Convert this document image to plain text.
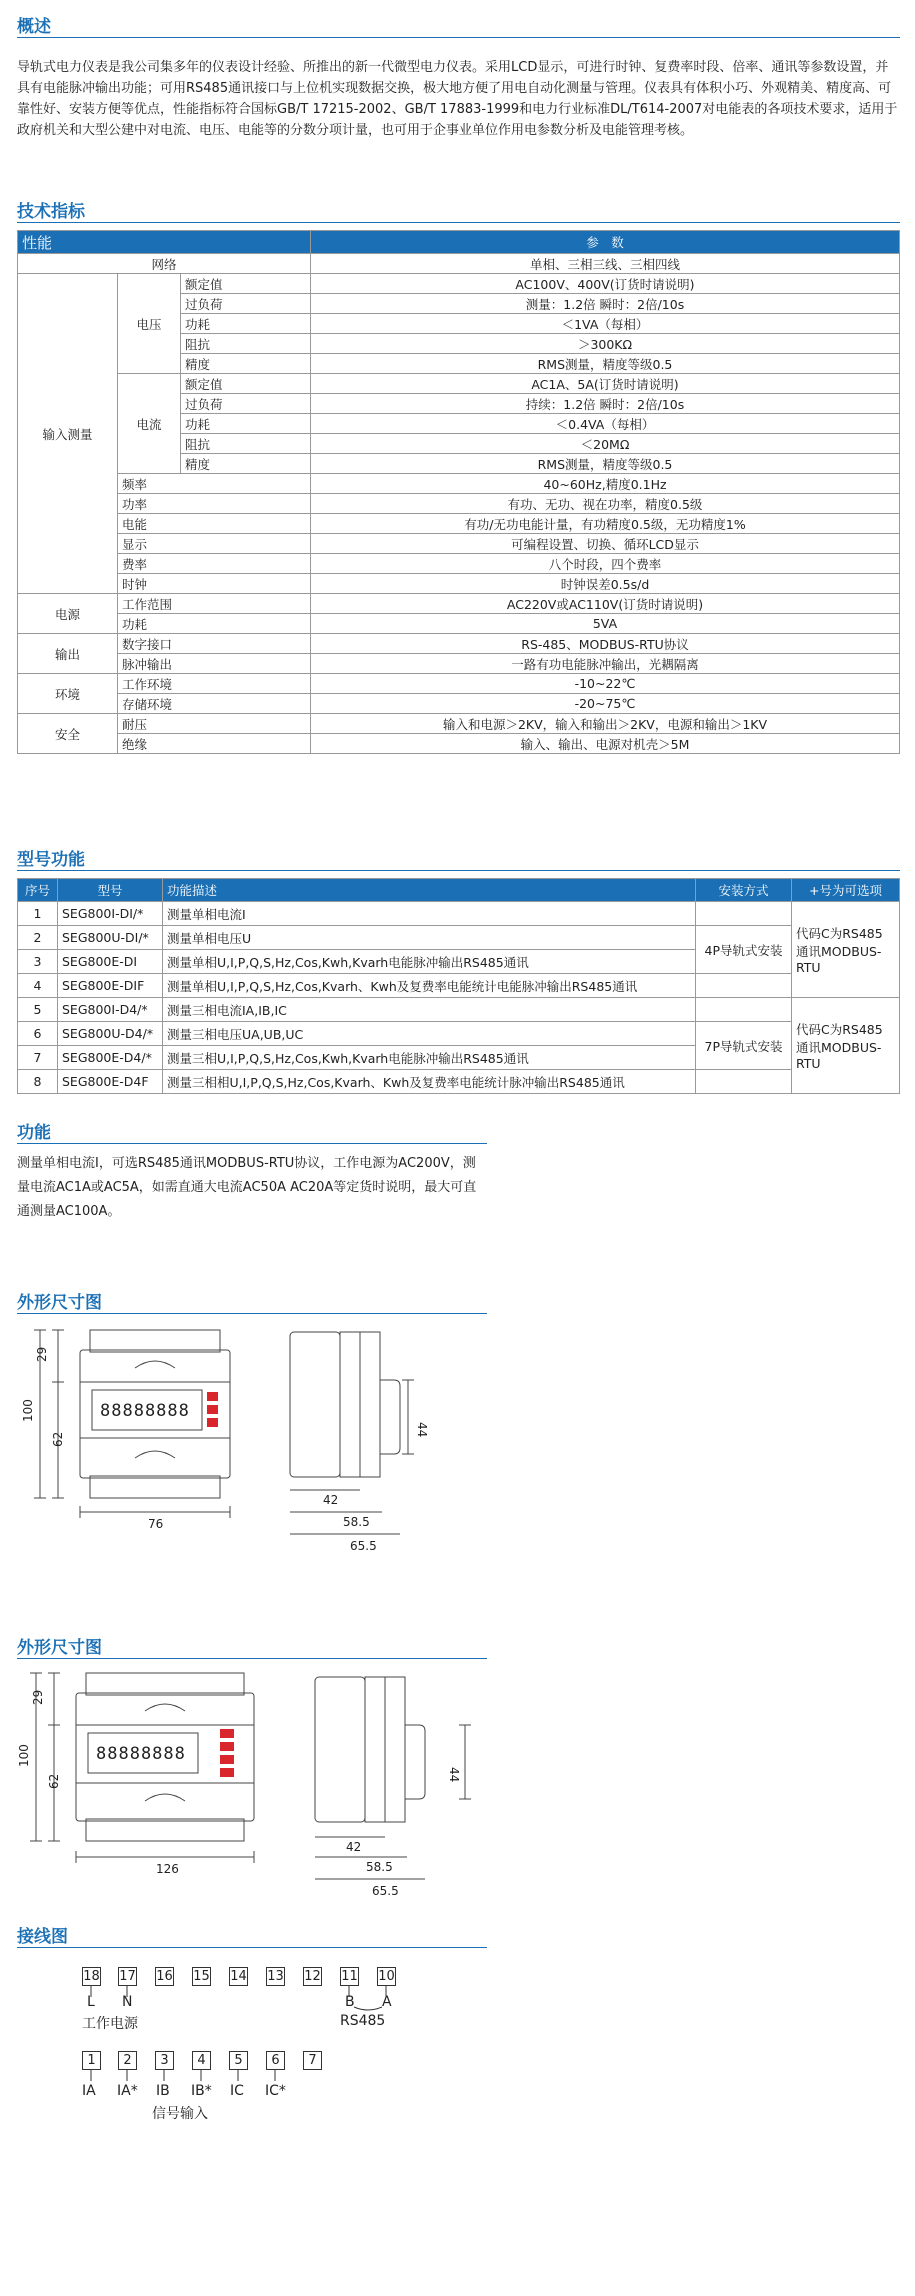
概述
导轨式电力仪表是我公司集多年的仪表设计经验、所推出的新一代微型电力仪表。采用LCD显示，可进行时钟、复费率时段、倍率、通讯等参数设置，并具有电能脉冲输出功能；可用RS485通讯接口与上位机实现数据交换，极大地方便了用电自动化测量与管理。仪表具有体积小巧、外观精美、精度高、可靠性好、安装方便等优点，性能指标符合国标GB/T 17215-2002、GB/T 17883-1999和电力行业标准DL/T614-2007对电能表的各项技术要求，适用于政府机关和大型公建中对电流、电压、电能等的分数分项计量，也可用于企事业单位作用电参数分析及电能管理考核。
技术指标
性能			参　数
网络			单相、三相三线、三相四线
输入测量	电压	额定值	AC100V、400V(订货时请说明)
		过负荷	测量：1.2倍 瞬时：2倍/10s
		功耗	＜1VA（每相）
		阻抗	＞300KΩ
		精度	RMS测量，精度等级0.5
	电流	额定值	AC1A、5A(订货时请说明)
		过负荷	持续：1.2倍 瞬时：2倍/10s
		功耗	＜0.4VA（每相）
		阻抗	＜20MΩ
		精度	RMS测量，精度等级0.5
	频率		40~60Hz,精度0.1Hz
	功率		有功、无功、视在功率，精度0.5级
	电能		有功/无功电能计量，有功精度0.5级，无功精度1%
	显示		可编程设置、切换、循环LCD显示
	费率		八个时段，四个费率
	时钟		时钟误差0.5s/d
电源	工作范围		AC220V或AC110V(订货时请说明)
	功耗		5VA
输出	数字接口		RS-485、MODBUS-RTU协议
	脉冲输出		一路有功电能脉冲输出，光耦隔离
环境	工作环境		-10~22℃
	存储环境		-20~75℃
安全	耐压		输入和电源＞2KV，输入和输出＞2KV，电源和输出＞1KV
	绝缘		输入、输出、电源对机壳＞5M
型号功能
序号	型号	功能描述	安装方式	+号为可选项
1	SEG800I-DI/*	测量单相电流I		代码C为RS485通讯MODBUS-RTU
2	SEG800U-DI/*	测量单相电压U	4P导轨式安装	
3	SEG800E-DI	测量单相U,I,P,Q,S,Hz,Cos,Kwh,Kvarh电能脉冲输出RS485通讯		
4	SEG800E-DIF	测量单相U,I,P,Q,S,Hz,Cos,Kvarh、Kwh及复费率电能统计电能脉冲输出RS485通讯		
5	SEG800I-D4/*	测量三相电流IA,IB,IC		代码C为RS485通讯MODBUS-RTU
6	SEG800U-D4/*	测量三相电压UA,UB,UC	7P导轨式安装	
7	SEG800E-D4/*	测量三相U,I,P,Q,S,Hz,Cos,Kwh,Kvarh电能脉冲输出RS485通讯		
8	SEG800E-D4F	测量三相相U,I,P,Q,S,Hz,Cos,Kvarh、Kwh及复费率电能统计脉冲输出RS485通讯		
功能
测量单相电流I，可选RS485通讯MODBUS-RTU协议，工作电源为AC200V，测量电流AC1A或AC5A，如需直通大电流AC50A AC20A等定货时说明，最大可直通测量AC100A。
外形尺寸图
88888888
29
100
62
76
44
42
58.5
65.5
外形尺寸图
88888888
29
100
62
126
44
42
58.5
65.5
接线图
18 17 16 15 14 13 12 11 10
L N
工作电源
B A
RS485
1	2	3	4	5	6	7
IA IA* IB IB* IC IC*
信号输入
